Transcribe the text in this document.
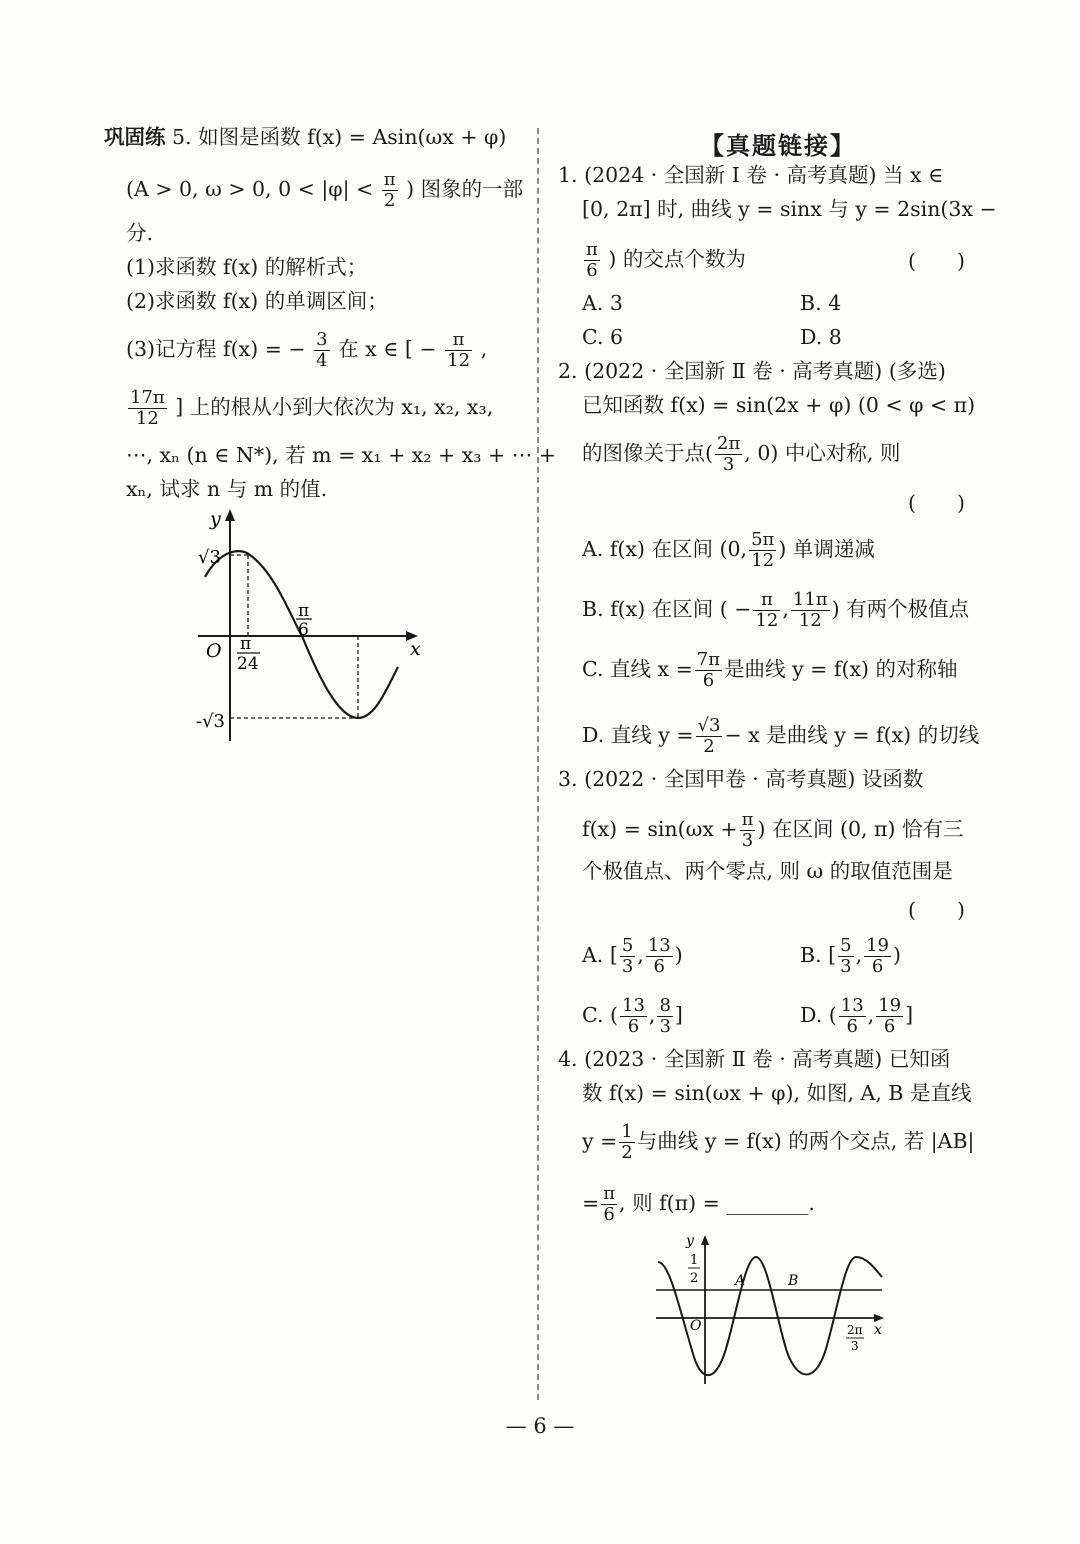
巩固练 5. 如图是函数 f(x) = Asin(ωx + φ)
(A > 0, ω > 0, $0 < |\varphi| < \frac{\pi}{2}$ ) 图象的一部
分.
(1)求函数 f(x) 的解析式；
(2)求函数 f(x) 的单调区间；
(3)记方程 f(x) = − $\frac{3}{4}$ 在 x ∈ [ − $\frac{\pi}{12}$ ,
$\frac{17\pi}{12}$ ] 上的根从小到大依次为 x₁, x₂, x₃,
⋯, xₙ (n ∈ N*), 若 m = x₁ + x₂ + x₃ + ⋯ +
xₙ, 试求 n 与 m 的值.
y
x
O
√3
-√3
π
24
π
6
【真题链接】
1. (2024 · 全国新 Ⅰ 卷 · 高考真题) 当 x ∈
[0, 2π] 时, 曲线 y = sinx 与 y = 2sin(3x −
$\frac{\pi}{6}$ ) 的交点个数为	(　　)
A. 3	B. 4
C. 6	D. 8
2. (2022 · 全国新 Ⅱ 卷 · 高考真题) (多选)
已知函数 f(x) = sin(2x + φ) (0 < φ < π)
的图像关于点( $\frac{2\pi}{3}$ , 0) 中心对称, 则
(　　)
A. f(x) 在区间 (0, $\frac{5\pi}{12}$ ) 单调递减
B. f(x) 在区间 ( − $\frac{\pi}{12}$ , $\frac{11\pi}{12}$ ) 有两个极值点
C. 直线 $x = \frac{7\pi}{6}$ 是曲线 y = f(x) 的对称轴
D. 直线 $y = \frac{√3}{2} - x$ 是曲线 y = f(x) 的切线
3. (2022 · 全国甲卷 · 高考真题) 设函数
$f(x) = \sin(\omega x + \frac{\pi}{3}$ ) 在区间 (0, π) 恰有三
个极值点、两个零点, 则 ω 的取值范围是
(　　)
A. [ $\frac{5}{3}$ , $\frac{13}{6}$ )	B. [ $\frac{5}{3}$ , $\frac{19}{6}$ )
C. ( $\frac{13}{6}$ , $\frac{8}{3}$ ]	D. ( $\frac{13}{6}$ , $\frac{19}{6}$ ]
4. (2023 · 全国新 Ⅱ 卷 · 高考真题) 已知函
数 f(x) = sin(ωx + φ), 如图, A, B 是直线
$y = \frac{1}{2}$ 与曲线 y = f(x) 的两个交点, 若 |AB|
= $\frac{\pi}{6}$ , 则 f(π) = ________.
y
x
O
1
2	A	B
2π
3
— 6 —
